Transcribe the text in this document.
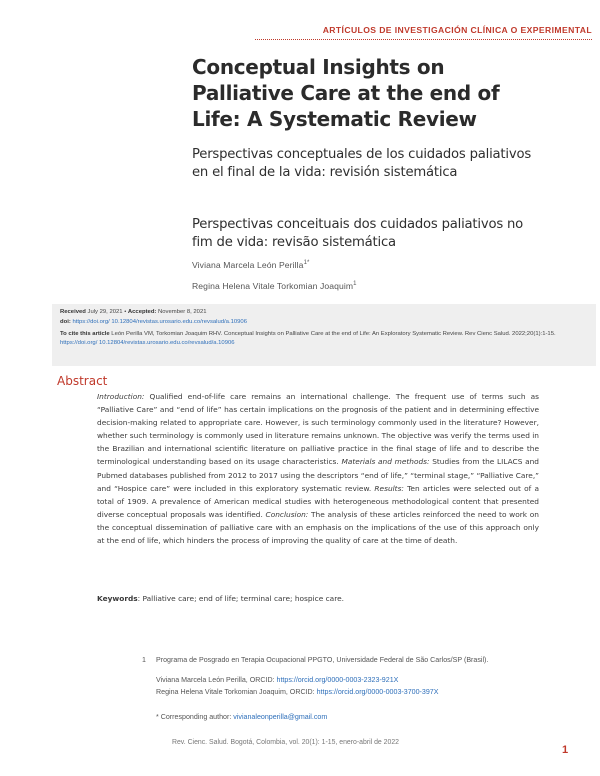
ARTÍCULOS DE INVESTIGACIÓN CLÍNICA O EXPERIMENTAL
Conceptual Insights on Palliative Care at the end of Life: A Systematic Review

Perspectivas conceptuales de los cuidados paliativos en el final de la vida: revisión sistemática

Perspectivas conceituais dos cuidados paliativos no fim de vida: revisão sistemática

Viviana Marcela León Perilla$^{1*}$
Regina Helena Vitale Torkomian Joaquim$^1$
Received July 29, 2021 • Accepted: November 8, 2021
doi: https://doi.org/ 10.12804/revistas.urosario.edu.co/revsalud/a.10906
To cite this article León Perilla VM, Torkomian Joaquim RHV. Conceptual Insights on Palliative Care at the end of Life: An Exploratory Systematic Review. Rev Cienc Salud. 2022;20(1):1-15. https://doi.org/ 10.12804/revistas.urosario.edu.co/revsalud/a.10906
Abstract

Introduction: Qualified end-of-life care remains an international challenge. The frequent use of terms such as “Palliative Care” and “end of life” has certain implications on the prognosis of the patient and in determining effective decision-making related to appropriate care. However, is such terminology commonly used in the literature? However, whether such terminology is commonly used in literature remains unknown. The objective was verify the terms used in the Brazilian and international scientific literature on palliative practice in the final stage of life and to describe the terminological understanding based on its usage characteristics. Materials and methods: Studies from the LILACS and Pubmed databases published from 2012 to 2017 using the descriptors “end of life,” “terminal stage,” “Palliative Care,” and “Hospice care” were included in this exploratory systematic review. Results: Ten articles were selected out of a total of 1909. A prevalence of American medical studies with heterogeneous methodological content that presented diverse conceptual proposals was identified. Conclusion: The analysis of these articles reinforced the need to work on the conceptual dissemination of palliative care with an emphasis on the implications of the use of this approach only at the end of life, which hinders the process of improving the quality of care at the time of death.

Keywords: Palliative care; end of life; terminal care; hospice care.
1 Programa de Posgrado en Terapia Ocupacional PPGTO, Universidade Federal de São Carlos/SP (Brasil).
Viviana Marcela León Perilla, ORCID: https://orcid.org/0000-0003-2323-921X
Regina Helena Vitale Torkomian Joaquim, ORCID: https://orcid.org/0000-0003-3700-397X
* Corresponding author: vivianaleonperilla@gmail.com
Rev. Cienc. Salud. Bogotá, Colombia, vol. 20(1): 1-15, enero-abril de 2022
1
